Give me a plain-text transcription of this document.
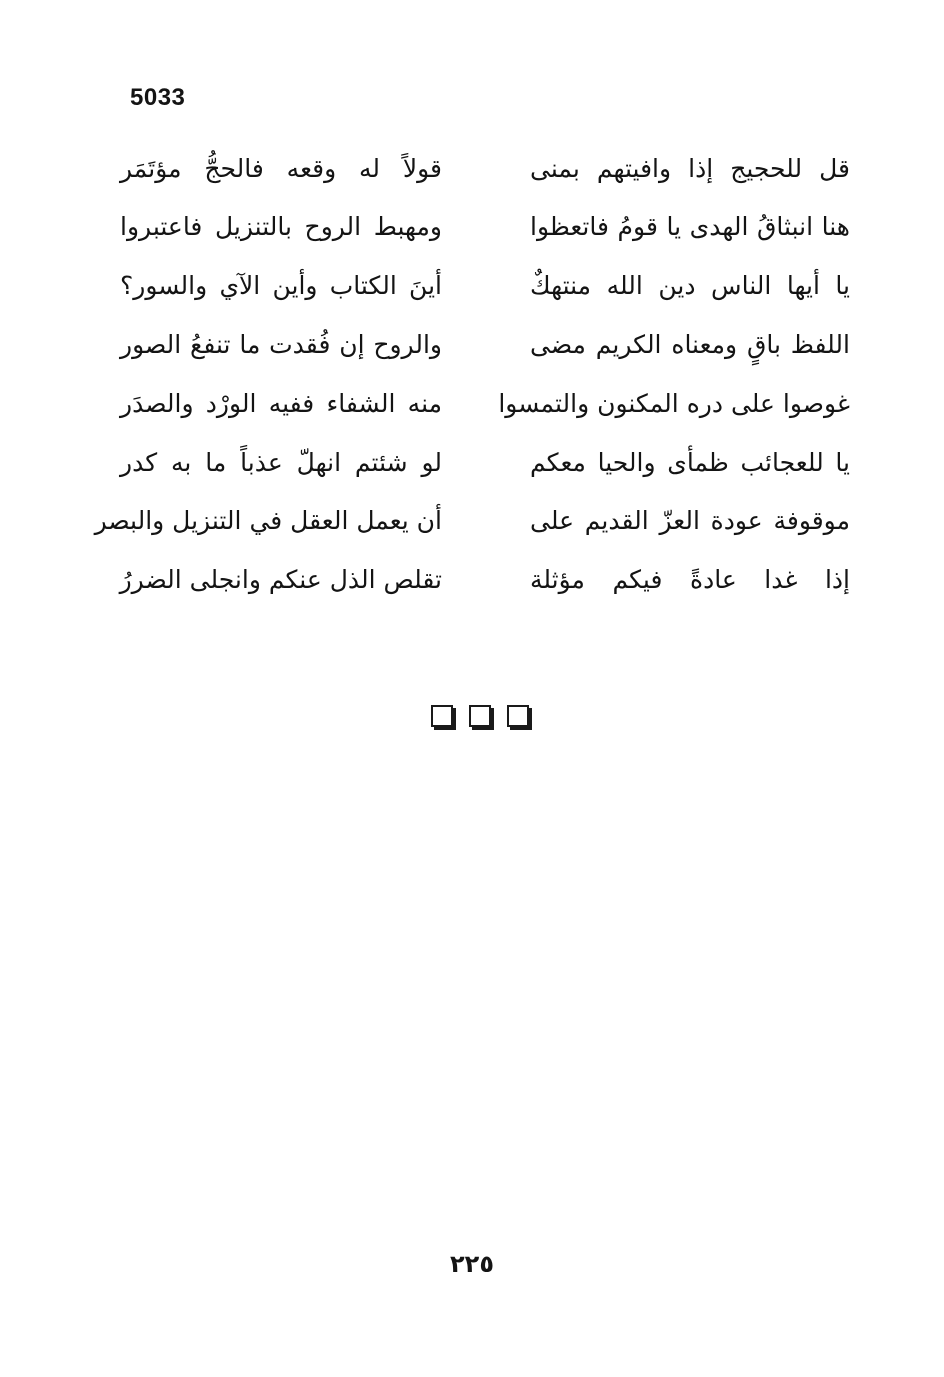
5033
قل للحجيج إذا وافيتهم بمنى
قولاً له وقعه فالحجُّ مؤتَمَر
هنا انبثاقُ الهدى يا قومُ فاتعظوا
ومهبط الروح بالتنزيل فاعتبروا
يا أيها الناس دين الله منتهكٌ
أينَ الكتاب وأين الآي والسور؟
اللفظ باقٍ ومعناه الكريم مضى
والروح إن فُقدت ما تنفعُ الصور
غوصوا على دره المكنون والتمسوا
منه الشفاء ففيه الورْد والصدَر
يا للعجائب ظمأى والحيا معكم
لو شئتم انهلّ عذباً ما به كدر
موقوفة عودة العزّ القديم على
أن يعمل العقل في التنزيل والبصر
إذا غدا عادةً فيكم مؤثلة
تقلص الذل عنكم وانجلى الضررُ
٢٢٥
